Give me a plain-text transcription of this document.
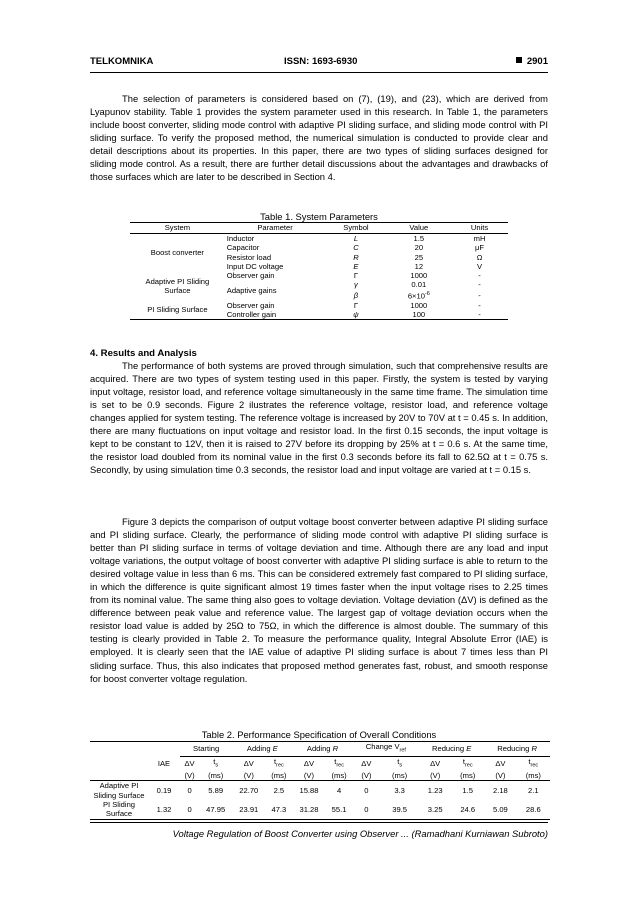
TELKOMNIKA	ISSN: 1693-6930	2901

The selection of parameters is considered based on (7), (19), and (23), which are derived from Lyapunov stability. Table 1 provides the system parameter used in this research. In Table 1, the parameters include boost converter, sliding mode control with adaptive PI sliding surface, and sliding mode control with PI sliding surface. To verify the proposed method, the numerical simulation is conducted to provide clear and detail descriptions about its properties. In this paper, there are two types of sliding surfaces designed for sliding mode control. As a result, there are further detail discussions about the advantages and drawbacks of those surfaces which are later to be described in Section 4.

Table 1. System Parameters
System	Parameter	Symbol	Value	Units
Boost converter	Inductor	L	1.5	mH
	Capacitor	C	20	μF
	Resistor load	R	25	Ω
	Input DC voltage	E	12	V
Adaptive PI Sliding Surface	Observer gain	Γ	1000	-
	Adaptive gains	γ	0.01	-
		β	$6\times 10^{-6}$	-
PI Sliding Surface	Observer gain	Γ	1000	-
	Controller gain	ψ	100	-
4. Results and Analysis

The performance of both systems are proved through simulation, such that comprehensive results are acquired. There are two types of system testing used in this paper. Firstly, the system is tested by varying input voltage, resistor load, and reference voltage simultaneously in the same time frame. The simulation time is set to be 0.9 seconds. Figure 2 ilustrates the reference voltage, resistor load, and reference voltage changes applied for system testing. The reference voltage is increased by 20V to 70V at t = 0.45 s. In addition, there are many fluctuations on input voltage and resistor load. In the first 0.15 seconds, the input voltage is kept to be constant to 12V, then it is raised to 27V before its dropping by 25% at t = 0.6 s. At the same time, the resistor load doubled from its nominal value in the first 0.3 seconds before its fall to 62.5Ω at t = 0.75 s. Secondly, by using simulation time 0.3 seconds, the resistor load and input voltage are varied at t = 0.15 s.

Figure 3 depicts the comparison of output voltage boost converter between adaptive PI sliding surface and PI sliding surface. Clearly, the performance of sliding mode control with adaptive PI sliding surface is better than PI sliding surface in terms of voltage deviation and time. Although there are any load and input voltage variations, the output voltage of boost converter with adaptive PI sliding surface is able to return to the desired voltage value in less than 6 ms. This can be considered extremely fast compared to PI sliding surface, in which the difference is quite significant almost 19 times faster when the input voltage rises to 2.25 times from its nominal value. The same thing also goes to voltage deviation. Voltage deviation (ΔV) is defined as the difference between peak value and reference value. The largest gap of voltage deviation occurs when the resistor load value is added by 25Ω to 75Ω, in which the difference is almost double. The summary of this testing is clearly provided in Table 2. To measure the performance quality, Integral Absolute Error (IAE) is employed. It is clearly seen that the IAE value of adaptive PI sliding surface is about 7 times less than PI sliding surface. Thus, this also indicates that proposed method generates fast, robust, and smooth response for boost converter voltage regulation.

Table 2. Performance Specification of Overall Conditions
		Starting		Adding E		Adding R		Change $V_{ref}$		Reducing E		Reducing R	
	IAE	ΔV	$t_s$	ΔV	$t_{rec}$	ΔV	$t_{rec}$	ΔV	$t_s$	ΔV	$t_{rec}$	ΔV	$t_{rec}$
		(V)	(ms)	(V)	(ms)	(V)	(ms)	(V)	(ms)	(V)	(ms)	(V)	(ms)
Adaptive PI Sliding Surface	0.19	0	5.89	22.70	2.5	15.88	4	0	3.3	1.23	1.5	2.18	2.1
PI Sliding Surface	1.32	0	47.95	23.91	47.3	31.28	55.1	0	39.5	3.25	24.6	5.09	28.6
Voltage Regulation of Boost Converter using Observer ... (Ramadhani Kurniawan Subroto)
